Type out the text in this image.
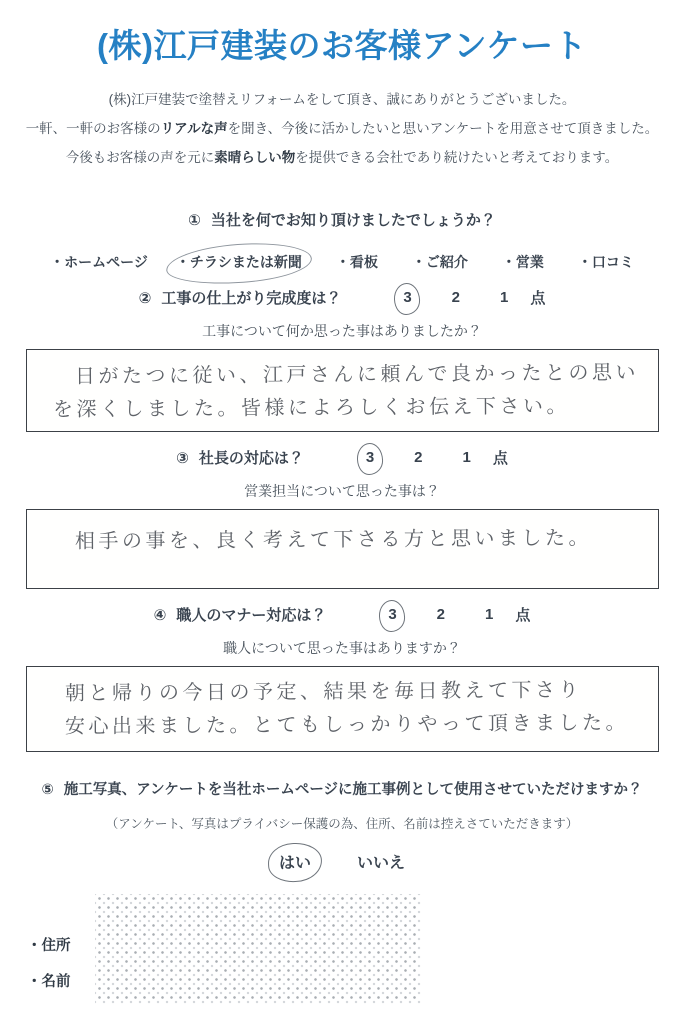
(株)江戸建装のお客様アンケート

(株)江戸建装で塗替えリフォームをして頂き、誠にありがとうございました。

一軒、一軒のお客様のリアルな声を聞き、今後に活かしたいと思いアンケートを用意させて頂きました。

今後もお客様の声を元に素晴らしい物を提供できる会社であり続けたいと考えております。

① 当社を何でお知り頂けましたでしょうか？
・ホームページ ・チラシまたは新聞 ・看板 ・ご紹介 ・営業 ・口コミ
② 工事の仕上がり完成度は？	3	2	1 点
工事について何か思った事はありましたか？
日がたつに従い、江戸さんに頼んで良かったとの思い
を深くしました。皆様によろしくお伝え下さい。
③ 社長の対応は？	3	2	1 点
営業担当について思った事は？
相手の事を、良く考えて下さる方と思いました。
④ 職人のマナー対応は？	3	2	1 点
職人について思った事はありますか？
朝と帰りの今日の予定、結果を毎日教えて下さり
安心出来ました。とてもしっかりやって頂きました。
⑤ 施工写真、アンケートを当社ホームページに施工事例として使用させていただけますか？
（アンケート、写真はプライバシー保護の為、住所、名前は控えさていただきます）
はい	いいえ
・住所
・名前
